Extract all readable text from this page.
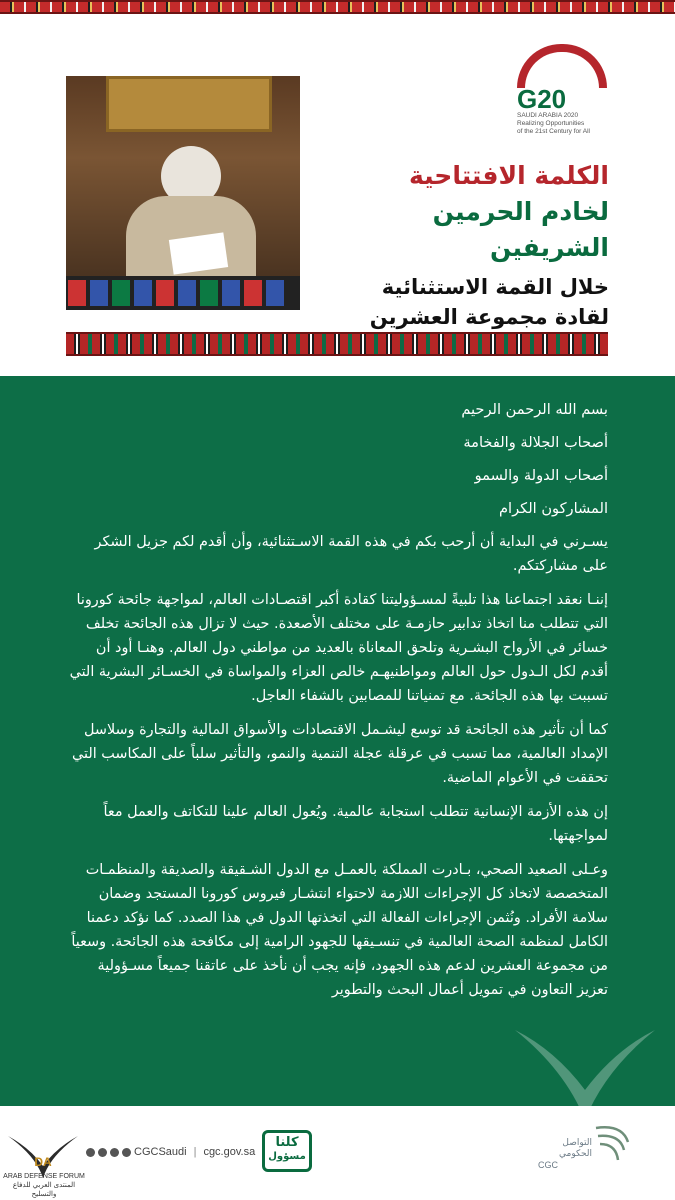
G20
SAUDI ARABIA 2020
Realizing Opportunities
of the 21st Century for All
الكلمة الافتتاحية
لخادم الحرمين الشريفين
خلال القمة الاستثنائية
لقادة مجموعة العشرين

بسم الله الرحمن الرحيم

أصحاب الجلالة والفخامة

أصحاب الدولة والسمو

المشاركون الكرام

يسـرني في البداية أن أرحب بكم في هذه القمة الاسـتثنائية، وأن أقدم لكم جزيل الشكر على مشاركتكم.

إننـا نعقد اجتماعنا هذا تلبيةً لمسـؤوليتنا كقادة أكبر اقتصـادات العالم، لمواجهة جائحة كورونا التي تتطلب منا اتخاذ تدابير حازمـة على مختلف الأصعدة. حيث لا تزال هذه الجائحة تخلف خسائر في الأرواح البشـرية وتلحق المعاناة بالعديد من مواطني دول العالم. وهنـا أود أن أقدم لكل الـدول حول العالم ومواطنيهـم خالص العزاء والمواساة في الخسـائر البشرية التي تسببت بها هذه الجائحة. مع تمنياتنا للمصابين بالشفاء العاجل.

كما أن تأثير هذه الجائحة قد توسع ليشـمل الاقتصادات والأسواق المالية والتجارة وسلاسل الإمداد العالمية، مما تسبب في عرقلة عجلة التنمية والنمو، والتأثير سلباً على المكاسب التي تحققت في الأعوام الماضية.

إن هذه الأزمة الإنسانية تتطلب استجابة عالمية. ويُعول العالم علينا للتكاتف والعمل معاً لمواجهتها.

وعـلى الصعيد الصحي، بـادرت المملكة بالعمـل مع الدول الشـقيقة والصديقة والمنظمـات المتخصصة لاتخاذ كل الإجراءات اللازمة لاحتواء انتشـار فيروس كورونا المستجد وضمان سلامة الأفراد. ونُثمن الإجراءات الفعالة التي اتخذتها الدول في هذا الصدد. كما نؤكد دعمنا الكامل لمنظمة الصحة العالمية في تنسـيقها للجهود الرامية إلى مكافحة هذه الجائحة. وسعياً من مجموعة العشرين لدعم هذه الجهود، فإنه يجب أن نأخذ على عاتقنا جميعاً مسـؤولية تعزيز التعاون في تمويل أعمال البحث والتطوير

DA
ARAB DEFENSE FORUM
المنتدى العربي للدفاع والتسليح
CGCSaudi | cgc.gov.sa
كلنا
مسؤول
التواصل
الحكومي
CGC
